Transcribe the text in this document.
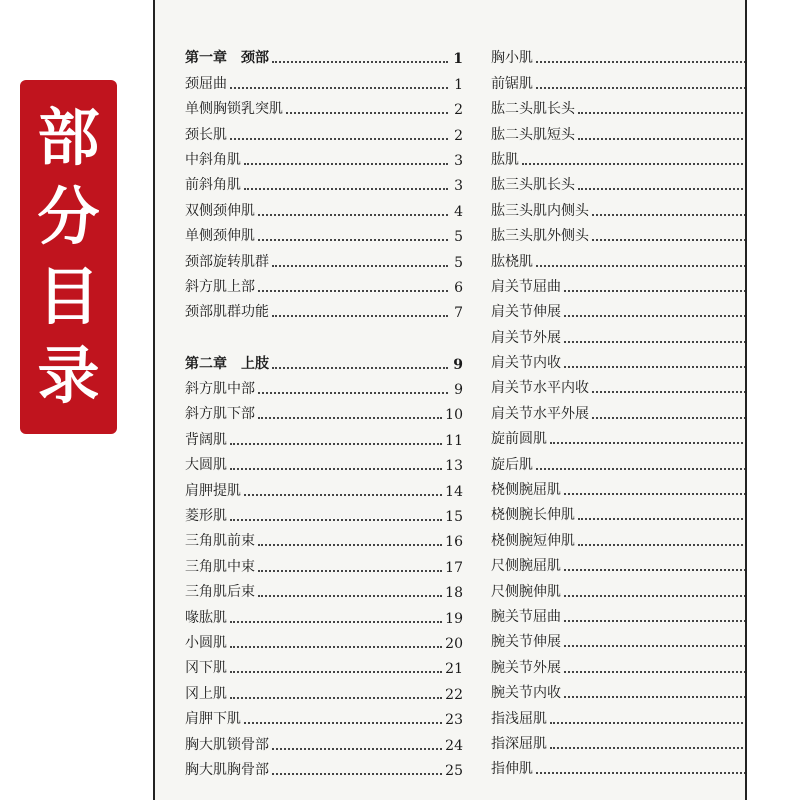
部
分
目
录
第一章　颈部	1
颈屈曲	1
单侧胸锁乳突肌	2
颈长肌	2
中斜角肌	3
前斜角肌	3
双侧颈伸肌	4
单侧颈伸肌	5
颈部旋转肌群	5
斜方肌上部	6
颈部肌群功能	7
第二章　上肢	9
斜方肌中部	9
斜方肌下部	10
背阔肌	11
大圆肌	13
肩胛提肌	14
菱形肌	15
三角肌前束	16
三角肌中束	17
三角肌后束	18
喙肱肌	19
小圆肌	20
冈下肌	21
冈上肌	22
肩胛下肌	23
胸大肌锁骨部	24
胸大肌胸骨部	25
胸小肌
前锯肌
肱二头肌长头
肱二头肌短头
肱肌
肱三头肌长头
肱三头肌内侧头
肱三头肌外侧头
肱桡肌
肩关节屈曲
肩关节伸展
肩关节外展
肩关节内收
肩关节水平内收
肩关节水平外展
旋前圆肌
旋后肌
桡侧腕屈肌
桡侧腕长伸肌
桡侧腕短伸肌
尺侧腕屈肌
尺侧腕伸肌
腕关节屈曲
腕关节伸展
腕关节外展
腕关节内收
指浅屈肌
指深屈肌
指伸肌
